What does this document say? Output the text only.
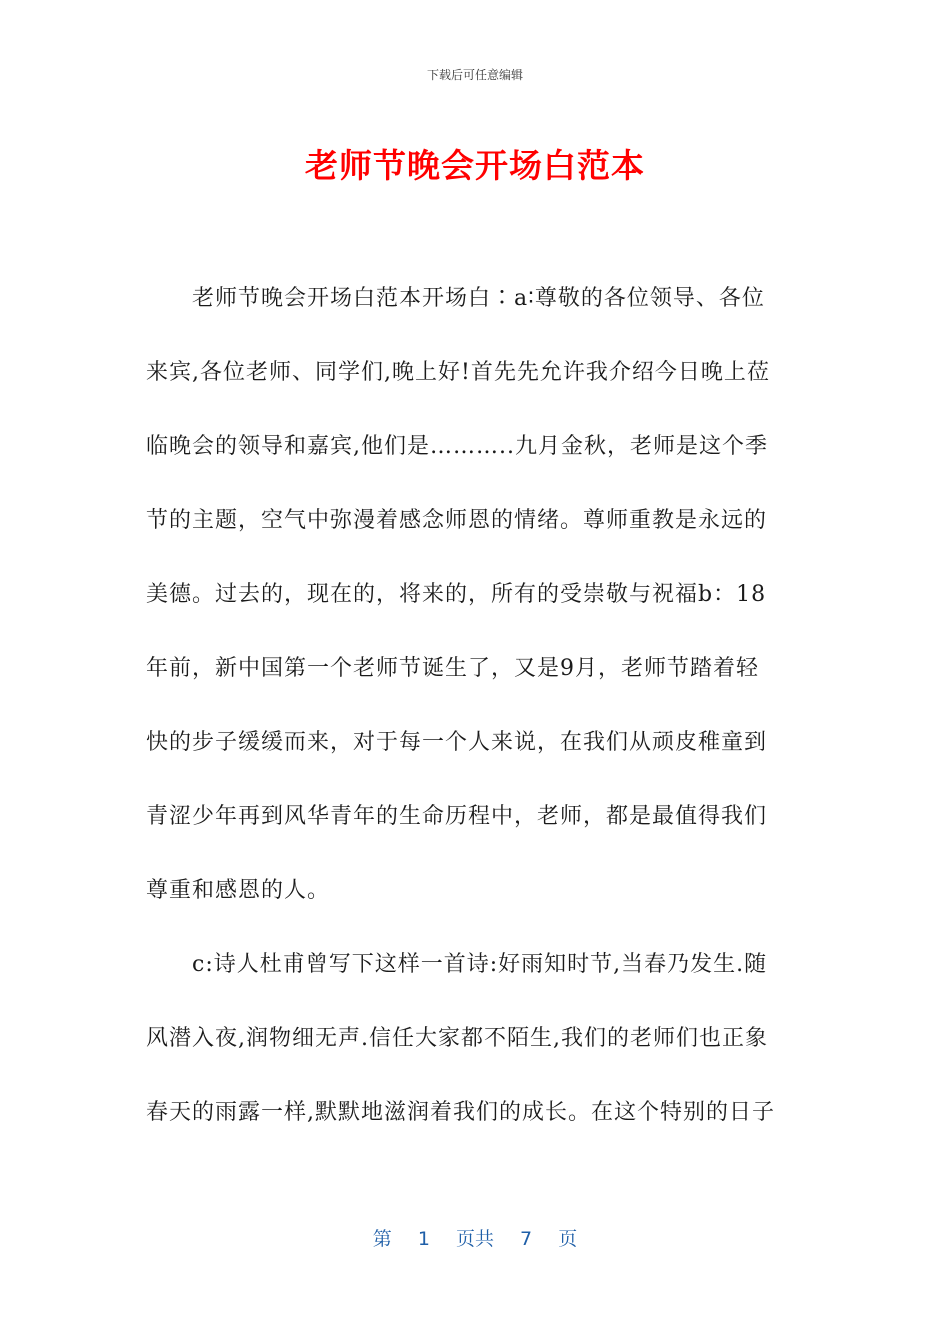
下载后可任意编辑
老师节晚会开场白范本
　　老师节晚会开场白范本开场白∶a∶尊敬的各位领导、各位
来宾,各位老师、同学们,晚上好!首先先允许我介绍今日晚上莅
临晚会的领导和嘉宾,他们是………..九月金秋，老师是这个季
节的主题，空气中弥漫着感念师恩的情绪。尊师重教是永远的
美德。过去的，现在的，将来的，所有的受崇敬与祝福b：18
年前，新中国第一个老师节诞生了，又是9月，老师节踏着轻
快的步子缓缓而来，对于每一个人来说，在我们从顽皮稚童到
青涩少年再到风华青年的生命历程中，老师，都是最值得我们
尊重和感恩的人。
　　c:诗人杜甫曾写下这样一首诗:好雨知时节,当春乃发生.随
风潜入夜,润物细无声.信任大家都不陌生,我们的老师们也正象
春天的雨露一样,默默地滋润着我们的成长。在这个特别的日子
第 1 页共 7 页
